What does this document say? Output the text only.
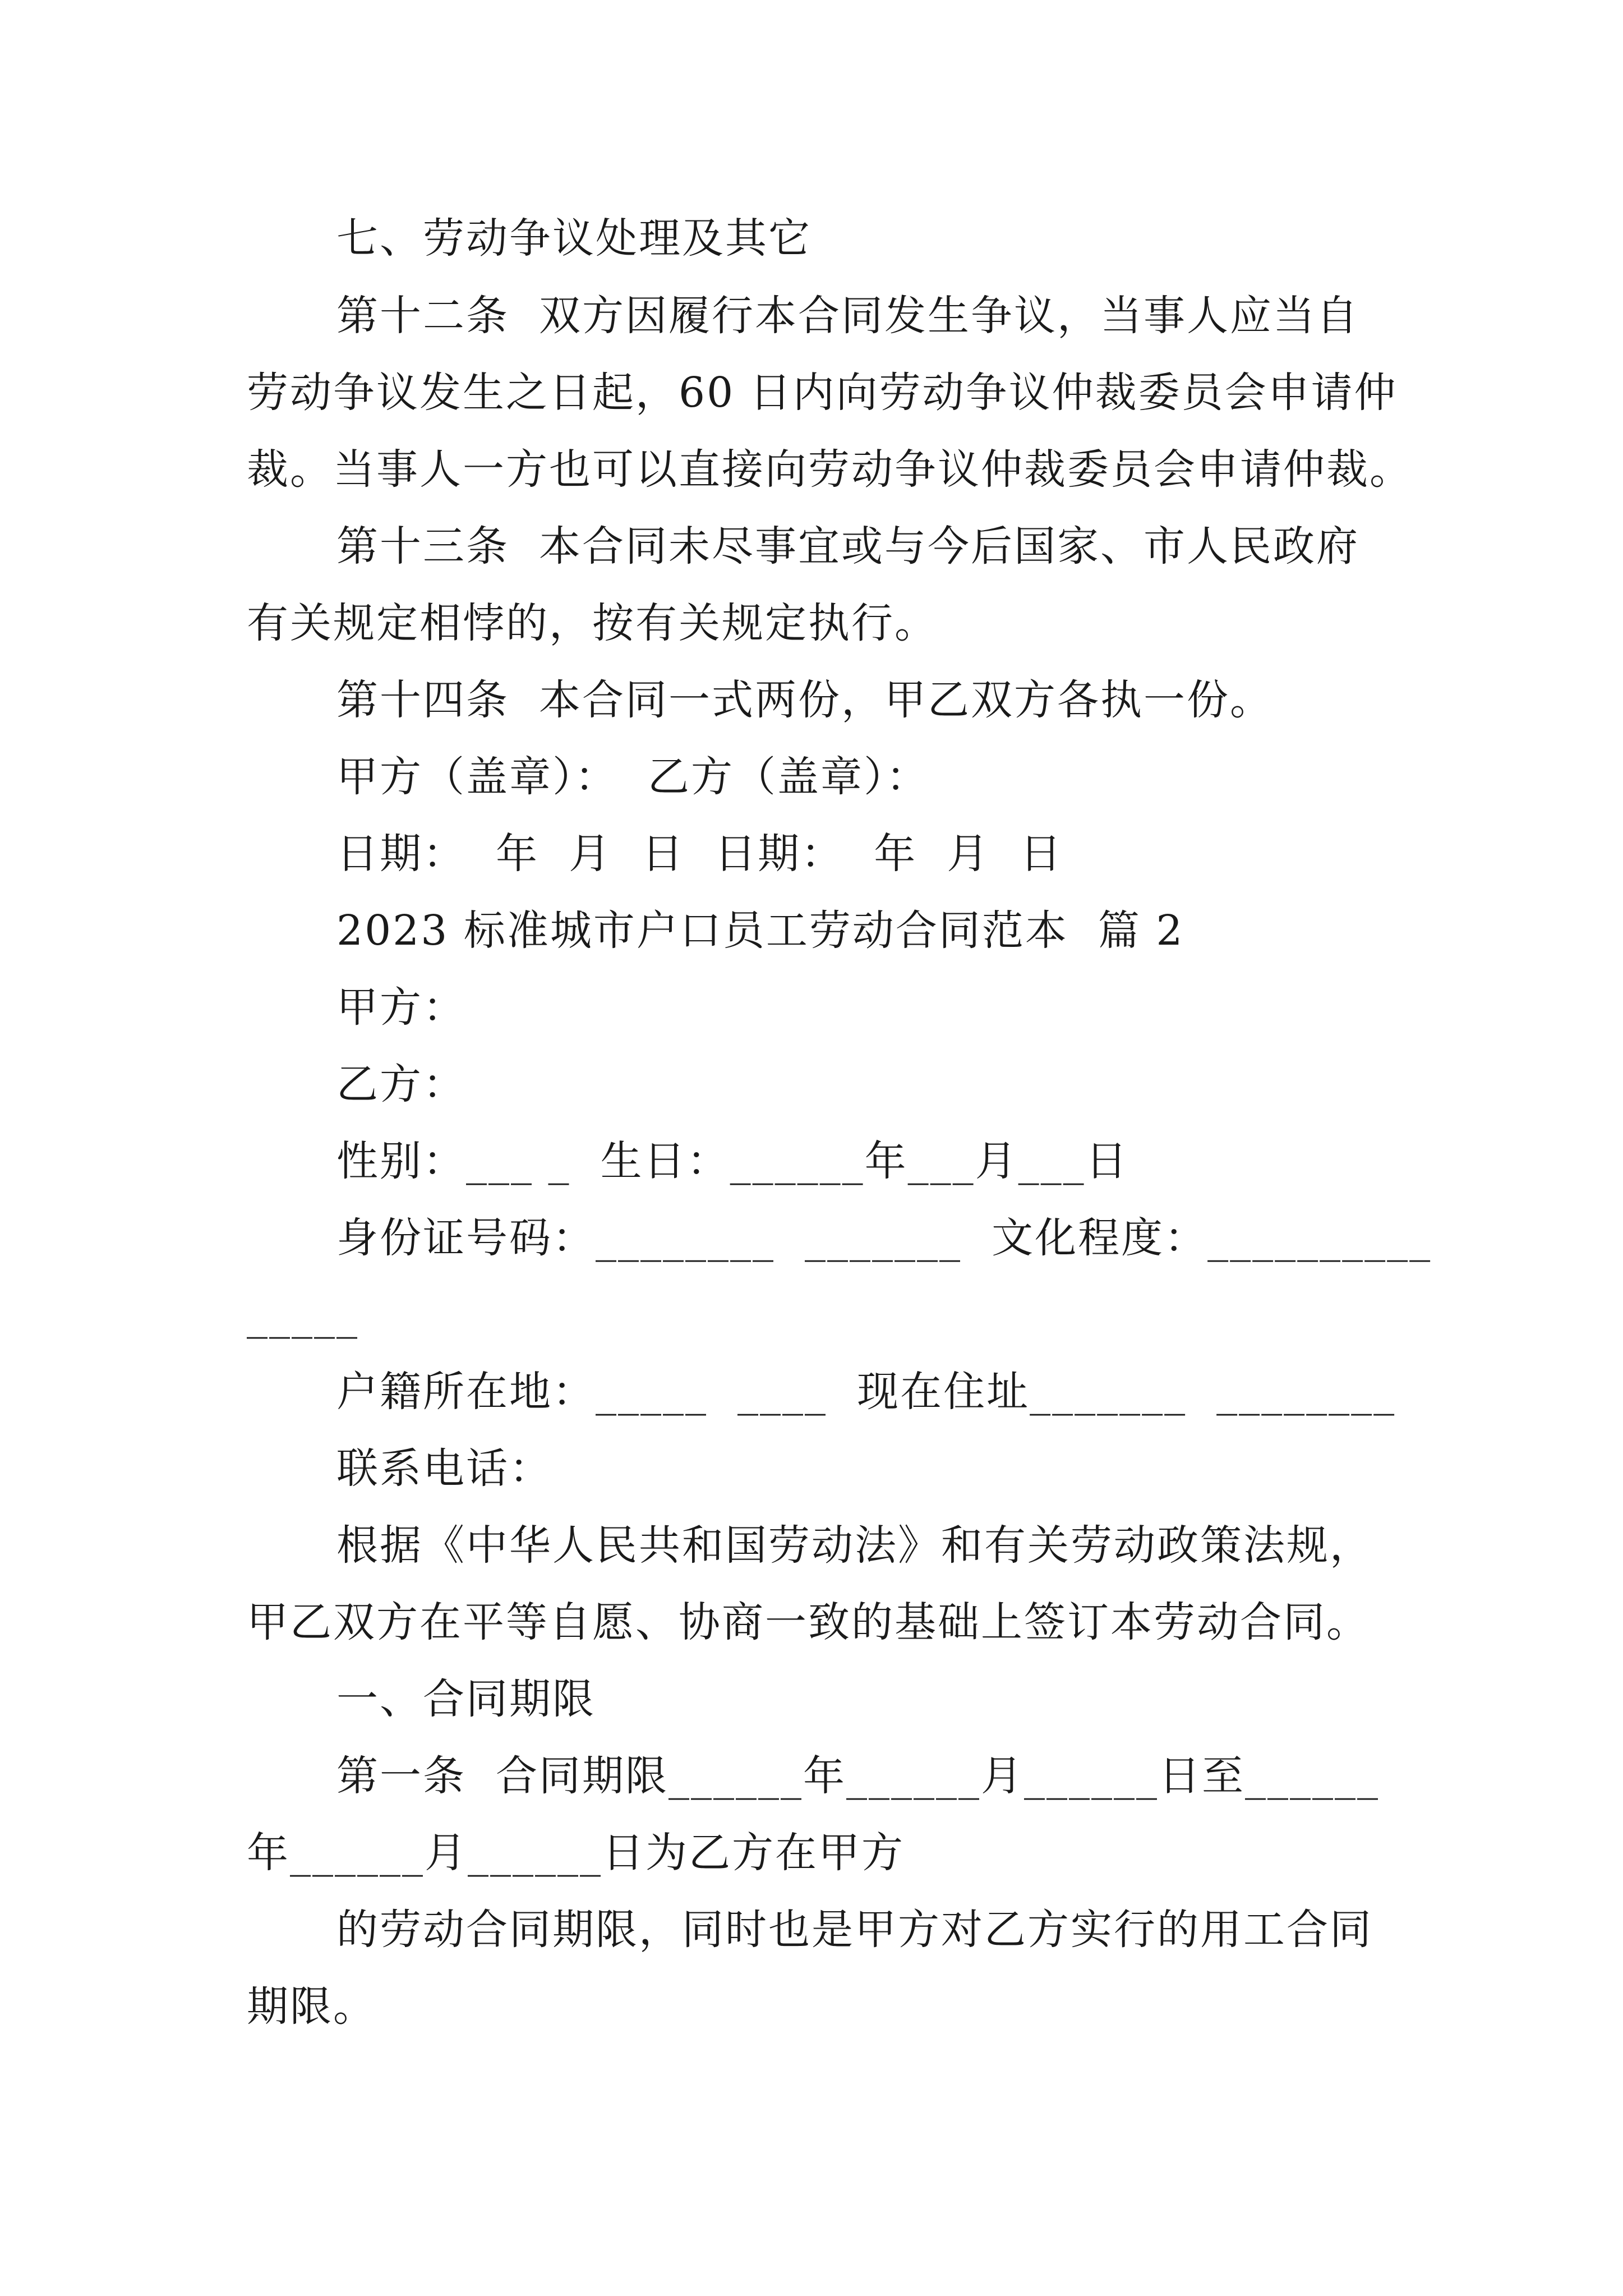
七、劳动争议处理及其它
第十二条  双方因履行本合同发生争议，当事人应当自
劳动争议发生之日起，60 日内向劳动争议仲裁委员会申请仲
裁。当事人一方也可以直接向劳动争议仲裁委员会申请仲裁。
第十三条  本合同未尽事宜或与今后国家、市人民政府
有关规定相悖的，按有关规定执行。
第十四条  本合同一式两份，甲乙双方各执一份。
甲方（盖章）：  乙方（盖章）：
日期：  年  月  日  日期：  年  月  日
2023 标准城市户口员工劳动合同范本  篇 2
甲方：
乙方：
性别：___ _  生日：______年___月___日
身份证号码：________  _______  文化程度：__________
_____
户籍所在地：_____  ____  现在住址_______  ________
联系电话：
根据《中华人民共和国劳动法》和有关劳动政策法规，
甲乙双方在平等自愿、协商一致的基础上签订本劳动合同。
一、合同期限
第一条  合同期限______年______月______日至______
年______月______日为乙方在甲方
的劳动合同期限，同时也是甲方对乙方实行的用工合同
期限。
